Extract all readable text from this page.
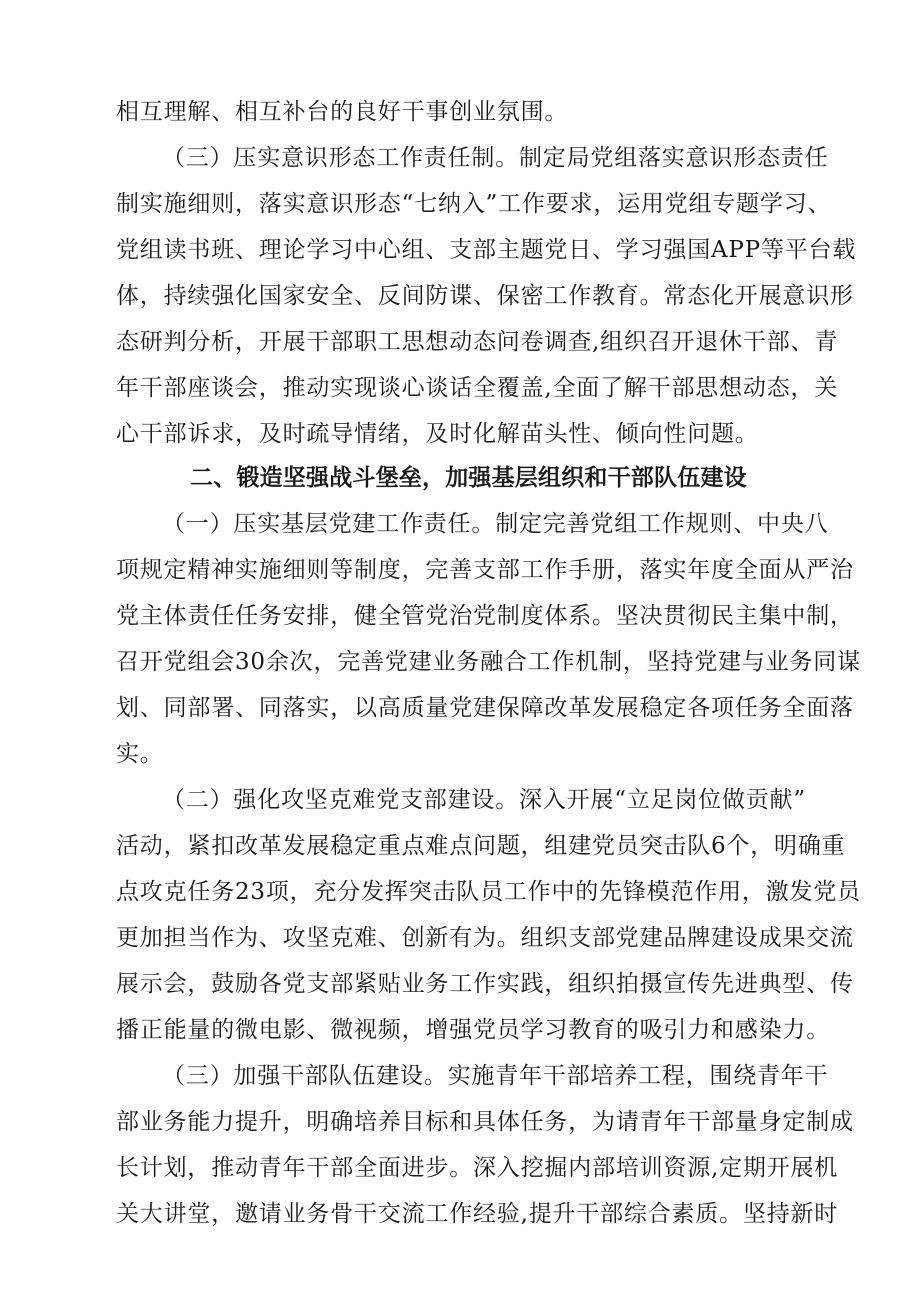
相互理解、相互补台的良好干事创业氛围。
（三）压实意识形态工作责任制。制定局党组落实意识形态责任
制实施细则，落实意识形态“七纳入”工作要求，运用党组专题学习、
党组读书班、理论学习中心组、支部主题党日、学习强国APP等平台载
体，持续强化国家安全、反间防谍、保密工作教育。常态化开展意识形
态研判分析，开展干部职工思想动态问卷调查,组织召开退休干部、青
年干部座谈会，推动实现谈心谈话全覆盖,全面了解干部思想动态，关
心干部诉求，及时疏导情绪，及时化解苗头性、倾向性问题。
二、锻造坚强战斗堡垒，加强基层组织和干部队伍建设
（一）压实基层党建工作责任。制定完善党组工作规则、中央八
项规定精神实施细则等制度，完善支部工作手册，落实年度全面从严治
党主体责任任务安排，健全管党治党制度体系。坚决贯彻民主集中制，
召开党组会30余次，完善党建业务融合工作机制，坚持党建与业务同谋
划、同部署、同落实，以高质量党建保障改革发展稳定各项任务全面落
实。
（二）强化攻坚克难党支部建设。深入开展“立足岗位做贡献”
活动，紧扣改革发展稳定重点难点问题，组建党员突击队6个，明确重
点攻克任务23项，充分发挥突击队员工作中的先锋模范作用，激发党员
更加担当作为、攻坚克难、创新有为。组织支部党建品牌建设成果交流
展示会，鼓励各党支部紧贴业务工作实践，组织拍摄宣传先进典型、传
播正能量的微电影、微视频，增强党员学习教育的吸引力和感染力。
（三）加强干部队伍建设。实施青年干部培养工程，围绕青年干
部业务能力提升，明确培养目标和具体任务，为请青年干部量身定制成
长计划，推动青年干部全面进步。深入挖掘内部培训资源,定期开展机
关大讲堂，邀请业务骨干交流工作经验,提升干部综合素质。坚持新时
